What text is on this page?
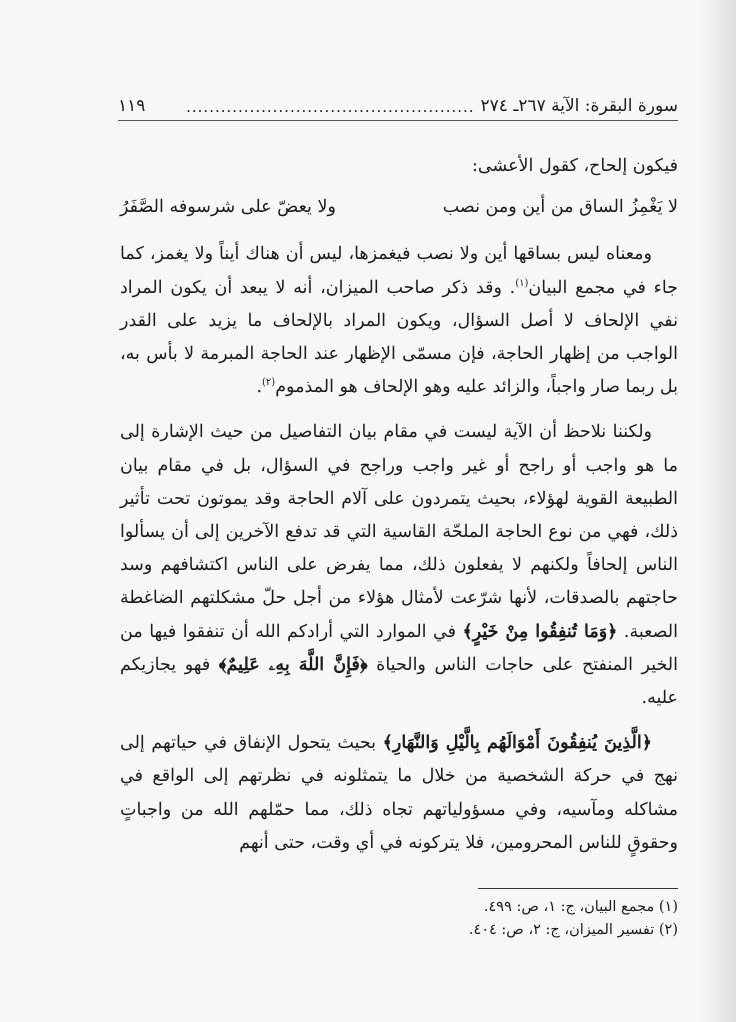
سورة البقرة: الآية ٢٦٧ـ ٢٧٤
..................................................
١١٩

فيكون إلحاح، كقول الأعشى:

لا يَغْمِزُ الساق من أين ومن نصب
ولا يعضّ على شرسوفه الصَّفَرُ

ومعناه ليس بساقها أين ولا نصب فيغمزها، ليس أن هناك أيناً ولا يغمز، كما جاء في مجمع البيان$^{(١)}$. وقد ذكر صاحب الميزان، أنه لا يبعد أن يكون المراد نفي الإلحاف لا أصل السؤال، ويكون المراد بالإلحاف ما يزيد على القدر الواجب من إظهار الحاجة، فإن مسمّى الإظهار عند الحاجة المبرمة لا بأس به، بل ربما صار واجباً، والزائد عليه وهو الإلحاف هو المذموم$^{(٢)}$.

ولكننا نلاحظ أن الآية ليست في مقام بيان التفاصيل من حيث الإشارة إلى ما هو واجب أو راجح أو غير واجب وراجح في السؤال، بل في مقام بيان الطبيعة القوية لهؤلاء، بحيث يتمردون على آلام الحاجة وقد يموتون تحت تأثير ذلك، فهي من نوع الحاجة الملحّة القاسية التي قد تدفع الآخرين إلى أن يسألوا الناس إلحافاً ولكنهم لا يفعلون ذلك، مما يفرض على الناس اكتشافهم وسد حاجتهم بالصدقات، لأنها شرّعت لأمثال هؤلاء من أجل حلّ مشكلتهم الضاغطة الصعبة. ﴿وَمَا تُنفِقُوا مِنْ خَيْرٍ﴾ في الموارد التي أرادكم الله أن تنفقوا فيها من الخير المنفتح على حاجات الناس والحياة ﴿فَإِنَّ اللَّهَ بِهِۦ عَلِيمٌ﴾ فهو يجازيكم عليه.

﴿الَّذِينَ يُنفِقُونَ أَمْوَالَهُم بِالَّيْلِ وَالنَّهَارِ﴾ بحيث يتحول الإنفاق في حياتهم إلى نهج في حركة الشخصية من خلال ما يتمثلونه في نظرتهم إلى الواقع في مشاكله ومآسيه، وفي مسؤولياتهم تجاه ذلك، مما حمّلهم الله من واجباتٍ وحقوقٍ للناس المحرومين، فلا يتركونه في أي وقت، حتى أنهم

(١) مجمع البيان، ج: ١، ص: ٤٩٩.

(٢) تفسير الميزان، ج: ٢، ص: ٤٠٤.
